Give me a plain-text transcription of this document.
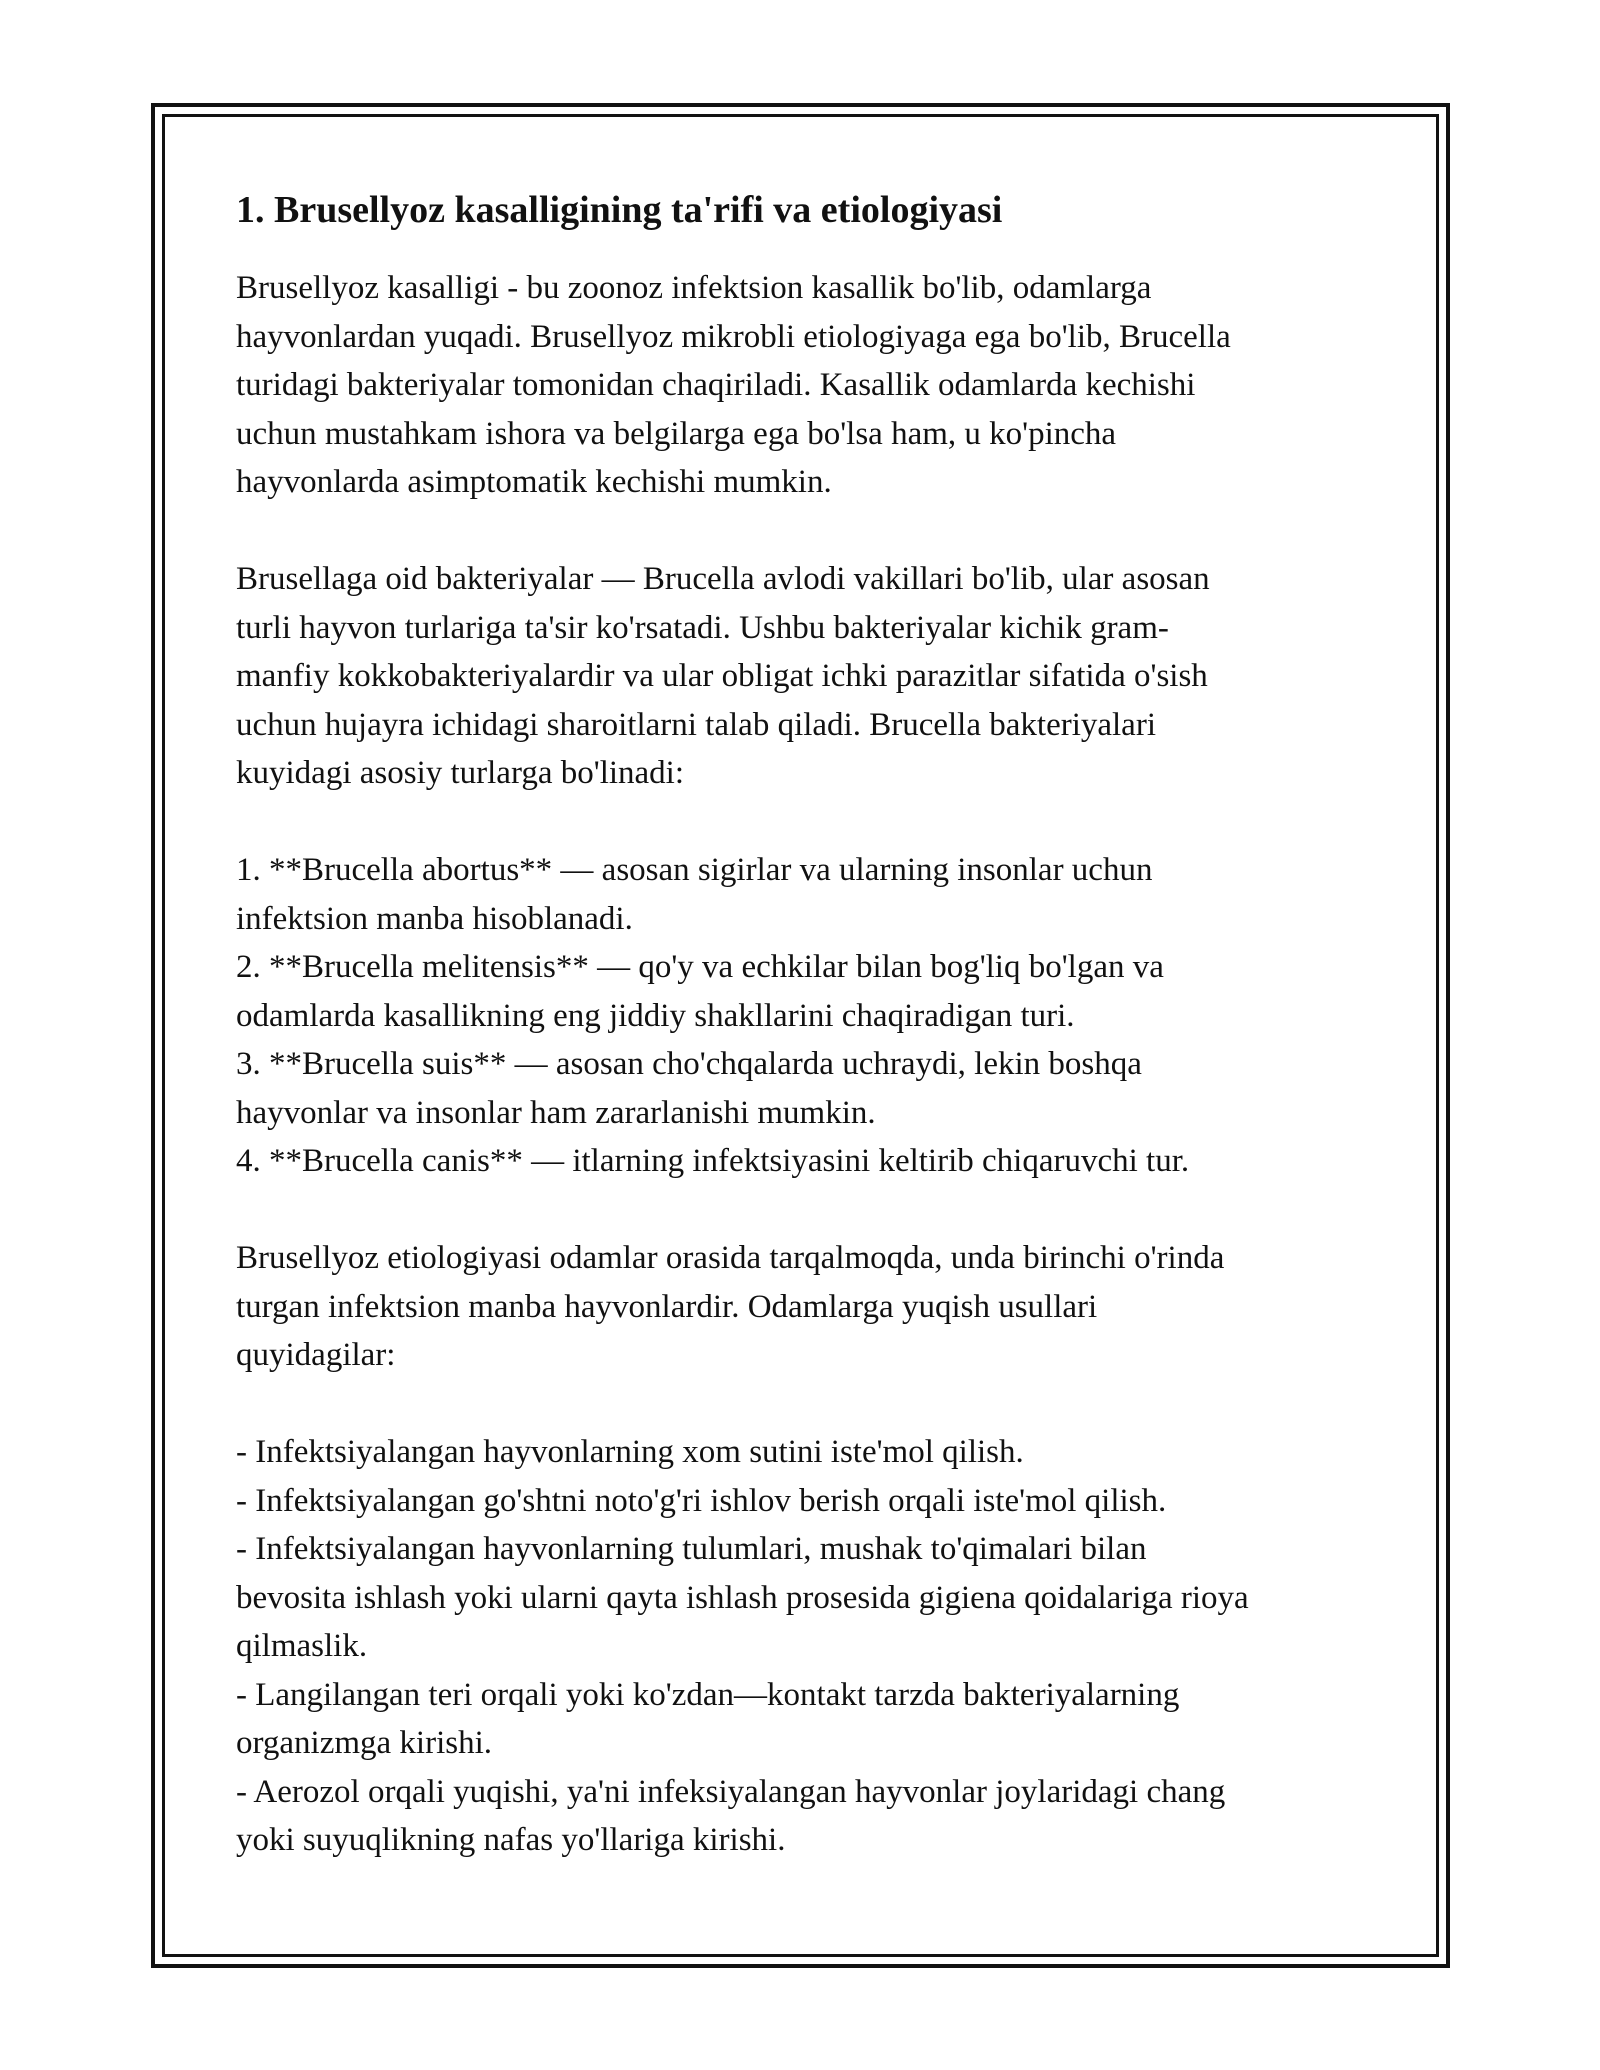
1. Brusellyoz kasalligining ta'rifi va etiologiyasi

Brusellyoz kasalligi - bu zoonoz infektsion kasallik bo'lib, odamlarga

hayvonlardan yuqadi. Brusellyoz mikrobli etiologiyaga ega bo'lib, Brucella

turidagi bakteriyalar tomonidan chaqiriladi. Kasallik odamlarda kechishi

uchun mustahkam ishora va belgilarga ega bo'lsa ham, u ko'pincha

hayvonlarda asimptomatik kechishi mumkin.

Brusellaga oid bakteriyalar — Brucella avlodi vakillari bo'lib, ular asosan

turli hayvon turlariga ta'sir ko'rsatadi. Ushbu bakteriyalar kichik gram-

manfiy kokkobakteriyalardir va ular obligat ichki parazitlar sifatida o'sish

uchun hujayra ichidagi sharoitlarni talab qiladi. Brucella bakteriyalari

kuyidagi asosiy turlarga bo'linadi:

1. **Brucella abortus** — asosan sigirlar va ularning insonlar uchun

infektsion manba hisoblanadi.

2. **Brucella melitensis** — qo'y va echkilar bilan bog'liq bo'lgan va

odamlarda kasallikning eng jiddiy shakllarini chaqiradigan turi.

3. **Brucella suis** — asosan cho'chqalarda uchraydi, lekin boshqa

hayvonlar va insonlar ham zararlanishi mumkin.

4. **Brucella canis** — itlarning infektsiyasini keltirib chiqaruvchi tur.

Brusellyoz etiologiyasi odamlar orasida tarqalmoqda, unda birinchi o'rinda

turgan infektsion manba hayvonlardir. Odamlarga yuqish usullari

quyidagilar:

- Infektsiyalangan hayvonlarning xom sutini iste'mol qilish.

- Infektsiyalangan go'shtni noto'g'ri ishlov berish orqali iste'mol qilish.

- Infektsiyalangan hayvonlarning tulumlari, mushak to'qimalari bilan

bevosita ishlash yoki ularni qayta ishlash prosesida gigiena qoidalariga rioya

qilmaslik.

- Langilangan teri orqali yoki ko'zdan—kontakt tarzda bakteriyalarning

organizmga kirishi.

- Aerozol orqali yuqishi, ya'ni infeksiyalangan hayvonlar joylaridagi chang

yoki suyuqlikning nafas yo'llariga kirishi.
